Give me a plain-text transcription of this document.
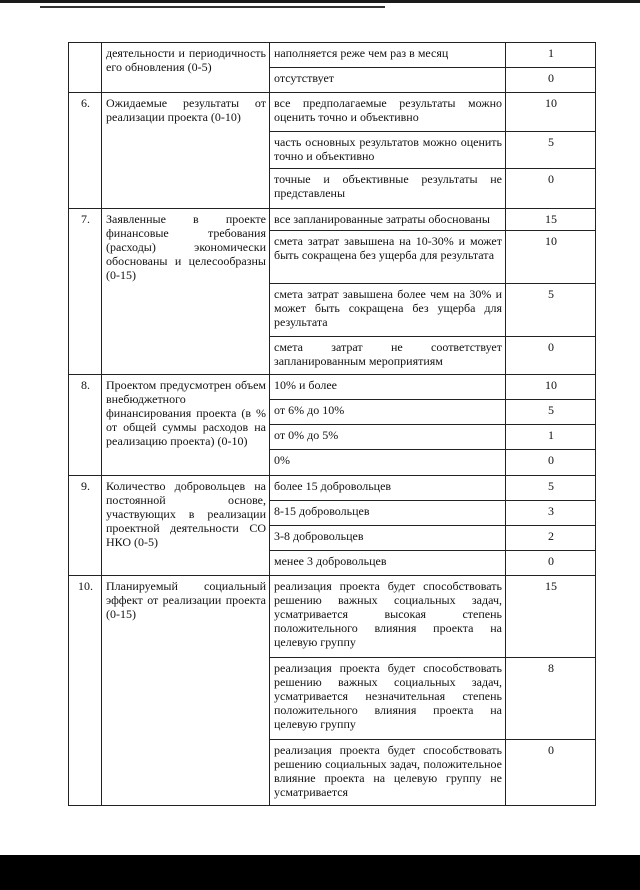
	деятельности и периодичность его обновления (0-5)	наполняется реже чем раз в месяц	1
		отсутствует	0
6.	Ожидаемые результаты от реализации проекта (0-10)	все предполагаемые результаты можно оценить точно и объективно	10
		часть основных результатов можно оценить точно и объективно	5
		точные и объективные результаты не представлены	0
7.	Заявленные в проекте финансовые требования (расходы) экономически обоснованы и целесообразны (0-15)	все запланированные затраты обоснованы	15
		смета затрат завышена на 10-30% и может быть сокращена без ущерба для результата	10
		смета затрат завышена более чем на 30% и может быть сокращена без ущерба для результата	5
		смета затрат не соответствует запланированным мероприятиям	0
8.	Проектом предусмотрен объем внебюджетного финансирования проекта (в % от общей суммы расходов на реализацию проекта) (0-10)	10% и более	10
		от 6% до 10%	5
		от 0% до 5%	1
		0%	0
9.	Количество добровольцев на постоянной основе, участвующих в реализации проектной деятельности СО НКО (0-5)	более 15 добровольцев	5
		8-15 добровольцев	3
		3-8 добровольцев	2
		менее 3 добровольцев	0
10.	Планируемый социальный эффект от реализации проекта (0-15)	реализация проекта будет способствовать решению важных социальных задач, усматривается высокая степень положительного влияния проекта на целевую группу	15
		реализация проекта будет способствовать решению важных социальных задач, усматривается незначительная степень положительного влияния проекта на целевую группу	8
		реализация проекта будет способствовать решению социальных задач, положительное влияние проекта на целевую группу не усматривается	0
